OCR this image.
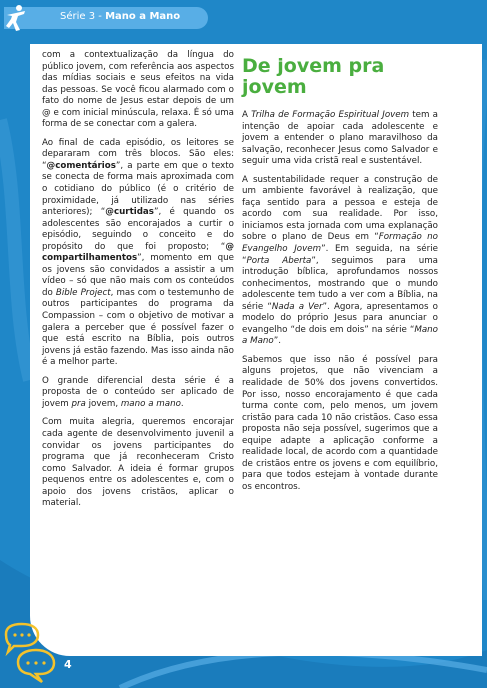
Série 3 - Mano a Mano

com a contextualização da língua do público jovem, com referência aos aspectos das mídias sociais e seus efeitos na vida das pessoas. Se você ficou alarmado com o fato do nome de Jesus estar depois de um @ e com inicial minúscula, relaxa. É só uma forma de se conectar com a galera.

Ao final de cada episódio, os leitores se depararam com três blocos. São eles: “@comentários”, a parte em que o texto se conecta de forma mais aproximada com o cotidiano do público (é o critério de proximidade, já utilizado nas séries anteriores); “@curtidas”, é quando os adolescentes são encorajados a curtir o episódio, seguindo o conceito e do propósito do que foi proposto; “@ compartilhamentos”, momento em que os jovens são convidados a assistir a um vídeo – só que não mais com os conteúdos do Bible Project, mas com o testemunho de outros participantes do programa da Compassion – com o objetivo de motivar a galera a perceber que é possível fazer o que está escrito na Bíblia, pois outros jovens já estão fazendo. Mas isso ainda não é a melhor parte.

O grande diferencial desta série é a proposta de o conteúdo ser aplicado de jovem pra jovem, mano a mano.

Com muita alegria, queremos encorajar cada agente de desenvolvimento juvenil a convidar os jovens participantes do programa que já reconheceram Cristo como Salvador. A ideia é formar grupos pequenos entre os adolescentes e, com o apoio dos jovens cristãos, aplicar o material.

De jovem pra jovem

A Trilha de Formação Espiritual Jovem tem a intenção de apoiar cada adolescente e jovem a entender o plano maravilhoso da salvação, reconhecer Jesus como Salvador e seguir uma vida cristã real e sustentável.

A sustentabilidade requer a construção de um ambiente favorável à realização, que faça sentido para a pessoa e esteja de acordo com sua realidade. Por isso, iniciamos esta jornada com uma explanação sobre o plano de Deus em “Formação no Evangelho Jovem”. Em seguida, na série “Porta Aberta”, seguimos para uma introdução bíblica, aprofundamos nossos conhecimentos, mostrando que o mundo adolescente tem tudo a ver com a Bíblia, na série “Nada a Ver”. Agora, apresentamos o modelo do próprio Jesus para anunciar o evangelho “de dois em dois” na série “Mano a Mano”.

Sabemos que isso não é possível para alguns projetos, que não vivenciam a realidade de 50% dos jovens convertidos. Por isso, nosso encorajamento é que cada turma conte com, pelo menos, um jovem cristão para cada 10 não cristãos. Caso essa proposta não seja possível, sugerimos que a equipe adapte a aplicação conforme a realidade local, de acordo com a quantidade de cristãos entre os jovens e com equilíbrio, para que todos estejam à vontade durante os encontros.

4
